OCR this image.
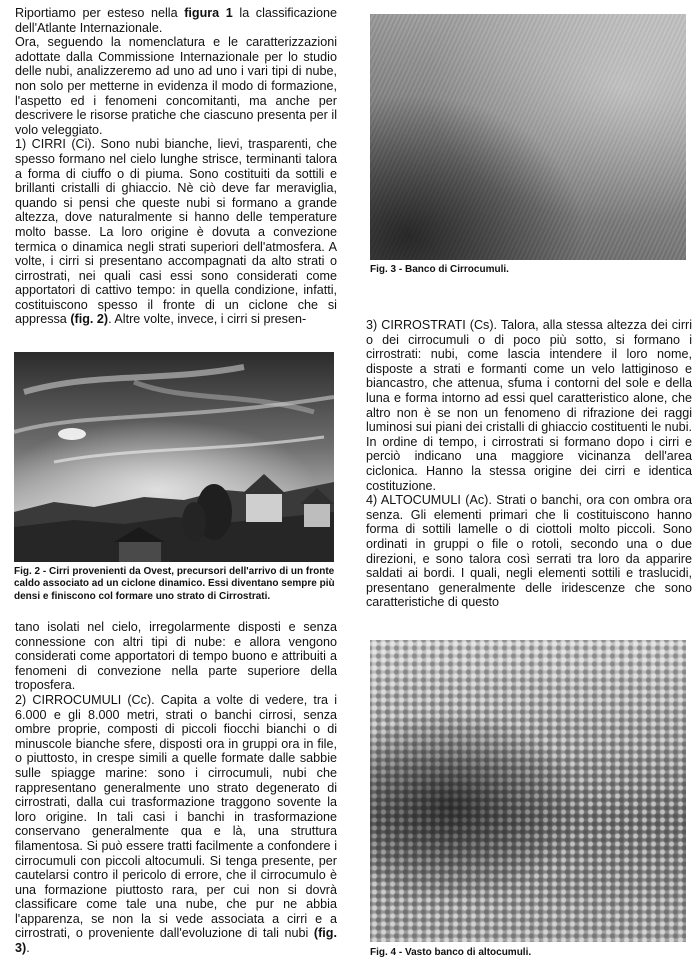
Riportiamo per esteso nella figura 1 la classificazione dell'Atlante Internazionale.

Ora, seguendo la nomenclatura e le caratterizzazioni adottate dalla Commissione Internazionale per lo studio delle nubi, analizzeremo ad uno ad uno i vari tipi di nube, non solo per metterne in evidenza il modo di formazione, l'aspetto ed i fenomeni concomitanti, ma anche per descrivere le risorse pratiche che ciascuno presenta per il volo veleggiato.

1) CIRRI (Ci). Sono nubi bianche, lievi, trasparenti, che spesso formano nel cielo lunghe strisce, terminanti talora a forma di ciuffo o di piuma. Sono costituiti da sottili e brillanti cristalli di ghiaccio. Nè ciò deve far meraviglia, quando si pensi che queste nubi si formano a grande altezza, dove naturalmente si hanno delle temperature molto basse. La loro origine è dovuta a convezione termica o dinamica negli strati superiori dell'atmosfera. A volte, i cirri si presentano accompagnati da alto strati o cirrostrati, nei quali casi essi sono considerati come apportatori di cattivo tempo: in quella condizione, infatti, costituiscono spesso il fronte di un ciclone che si appressa (fig. 2). Altre volte, invece, i cirri si presen-

Fig. 3 - Banco di Cirrocumuli.
Fig. 2 - Cirri provenienti da Ovest, precursori dell'arrivo di un fronte caldo associato ad un ciclone dinamico. Essi diventano sempre più densi e finiscono col formare uno strato di Cirrostrati.

3) CIRROSTRATI (Cs). Talora, alla stessa altezza dei cirri o dei cirrocumuli o di poco più sotto, si formano i cirrostrati: nubi, come lascia intendere il loro nome, disposte a strati e formanti come un velo lattiginoso e biancastro, che attenua, sfuma i contorni del sole e della luna e forma intorno ad essi quel caratteristico alone, che altro non è se non un fenomeno di rifrazione dei raggi luminosi sui piani dei cristalli di ghiaccio costituenti le nubi. In ordine di tempo, i cirrostrati si formano dopo i cirri e perciò indicano una maggiore vicinanza dell'area ciclonica. Hanno la stessa origine dei cirri e identica costituzione.

4) ALTOCUMULI (Ac). Strati o banchi, ora con ombra ora senza. Gli elementi primari che li costituiscono hanno forma di sottili lamelle o di ciottoli molto piccoli. Sono ordinati in gruppi o file o rotoli, secondo una o due direzioni, e sono talora così serrati tra loro da apparire saldati ai bordi. I quali, negli elementi sottili e traslucidi, presentano generalmente delle iridescenze che sono caratteristiche di questo

tano isolati nel cielo, irregolarmente disposti e senza connessione con altri tipi di nube: e allora vengono considerati come apportatori di tempo buono e attribuiti a fenomeni di convezione nella parte superiore della troposfera.

2) CIRROCUMULI (Cc). Capita a volte di vedere, tra i 6.000 e gli 8.000 metri, strati o banchi cirrosi, senza ombre proprie, composti di piccoli fiocchi bianchi o di minuscole bianche sfere, disposti ora in gruppi ora in file, o piuttosto, in crespe simili a quelle formate dalle sabbie sulle spiagge marine: sono i cirrocumuli, nubi che rappresentano generalmente uno strato degenerato di cirrostrati, dalla cui trasformazione traggono sovente la loro origine. In tali casi i banchi in trasformazione conservano generalmente qua e là, una struttura filamentosa. Si può essere tratti facilmente a confondere i cirrocumuli con piccoli altocumuli. Si tenga presente, per cautelarsi contro il pericolo di errore, che il cirrocumulo è una formazione piuttosto rara, per cui non si dovrà classificare come tale una nube, che pur ne abbia l'apparenza, se non la si vede associata a cirri e a cirrostrati, o proveniente dall'evoluzione di tali nubi (fig. 3).	Fig. 4 - Vasto banco di altocumuli.
